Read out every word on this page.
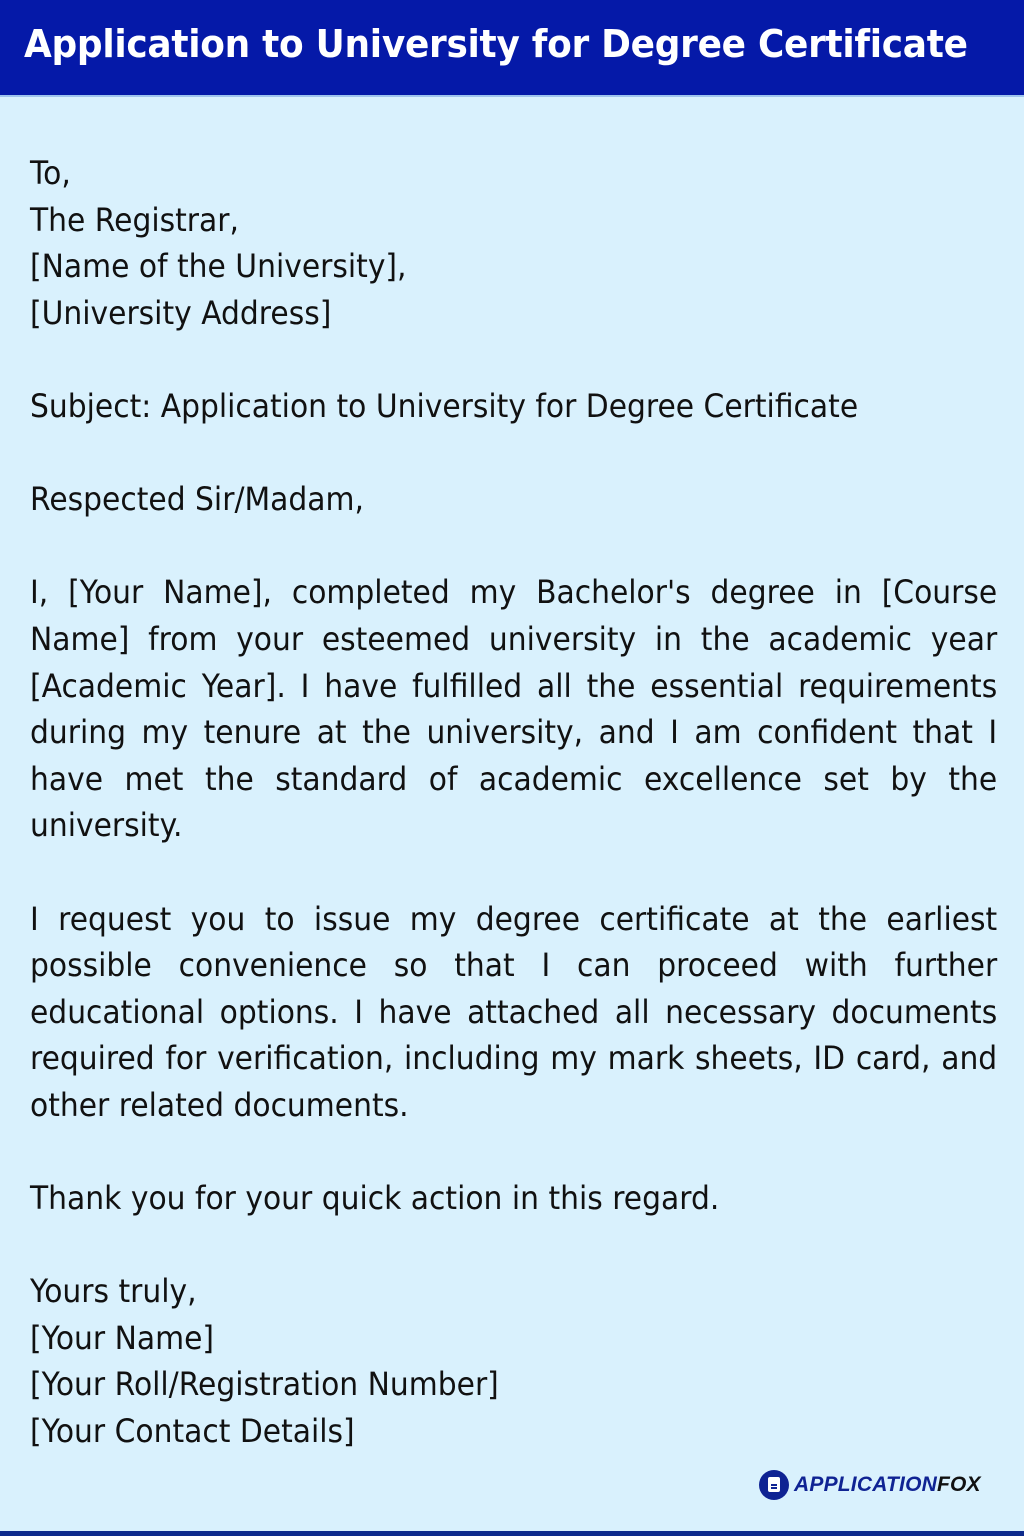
Application to University for Degree Certificate
To,
The Registrar,
[Name of the University],
[University Address]
Subject: Application to University for Degree Certificate
Respected Sir/Madam,
I, [Your Name], completed my Bachelor's degree in [Course Name] from your esteemed university in the academic year [Academic Year]. I have fulfilled all the essential requirements during my tenure at the university, and I am confident that I have met the standard of academic excellence set by the university.
I request you to issue my degree certificate at the earliest possible convenience so that I can proceed with further educational options. I have attached all necessary documents required for verification, including my mark sheets, ID card, and other related documents.
Thank you for your quick action in this regard.
Yours truly,
[Your Name]
[Your Roll/Registration Number]
[Your Contact Details]
APPLICATIONFOX
